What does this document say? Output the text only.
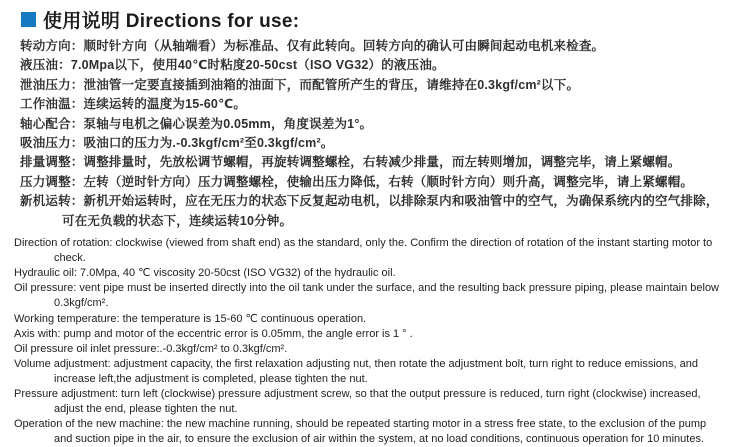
使用说明 Directions for use:

转动方向：顺时针方向（从轴端看）为标准品、仅有此转向。回转方向的确认可由瞬间起动电机来检查。

液压油：7.0Mpa以下，使用40℃时粘度20-50cst（ISO VG32）的液压油。

泄油压力：泄油管一定要直接插到油箱的油面下，而配管所产生的背压，请维持在0.3kgf/cm²以下。

工作油温：连续运转的温度为15-60℃。

轴心配合：泵轴与电机之偏心误差为0.05mm，角度误差为1°。

吸油压力：吸油口的压力为.-0.3kgf/cm²至0.3kgf/cm²。

排量调整：调整排量时，先放松调节螺帽，再旋转调整螺栓，右转减少排量，而左转则增加，调整完毕，请上紧螺帽。

压力调整：左转（逆时针方向）压力调整螺栓，使输出压力降低，右转（顺时针方向）则升高，调整完毕，请上紧螺帽。

新机运转：新机开始运转时，应在无压力的状态下反复起动电机，以排除泵内和吸油管中的空气，为确保系统内的空气排除，可在无负载的状态下，连续运转10分钟。

Direction of rotation: clockwise (viewed from shaft end) as the standard, only the. Confirm the direction of rotation of the instant starting motor to check.

Hydraulic oil: 7.0Mpa, 40 ℃ viscosity 20-50cst (ISO VG32) of the hydraulic oil.

Oil pressure: vent pipe must be inserted directly into the oil tank under the surface, and the resulting back pressure piping, please maintain below 0.3kgf/cm².

Working temperature: the temperature is 15-60 ℃ continuous operation.

Axis with: pump and motor of the eccentric error is 0.05mm, the angle error is 1 ° .

Oil pressure oil inlet pressure:.-0.3kgf/cm² to 0.3kgf/cm².

Volume adjustment: adjustment capacity, the first relaxation adjusting nut, then rotate the adjustment bolt, turn right to reduce emissions, and increase left,the adjustment is completed, please tighten the nut.

Pressure adjustment: turn left (clockwise) pressure adjustment screw, so that the output pressure is reduced, turn right (clockwise) increased, adjust the end, please tighten the nut.

Operation of the new machine: the new machine running, should be repeated starting motor in a stress free state, to the exclusion of the pump and suction pipe in the air, to ensure the exclusion of air within the system, at no load conditions, continuous operation for 10 minutes.
